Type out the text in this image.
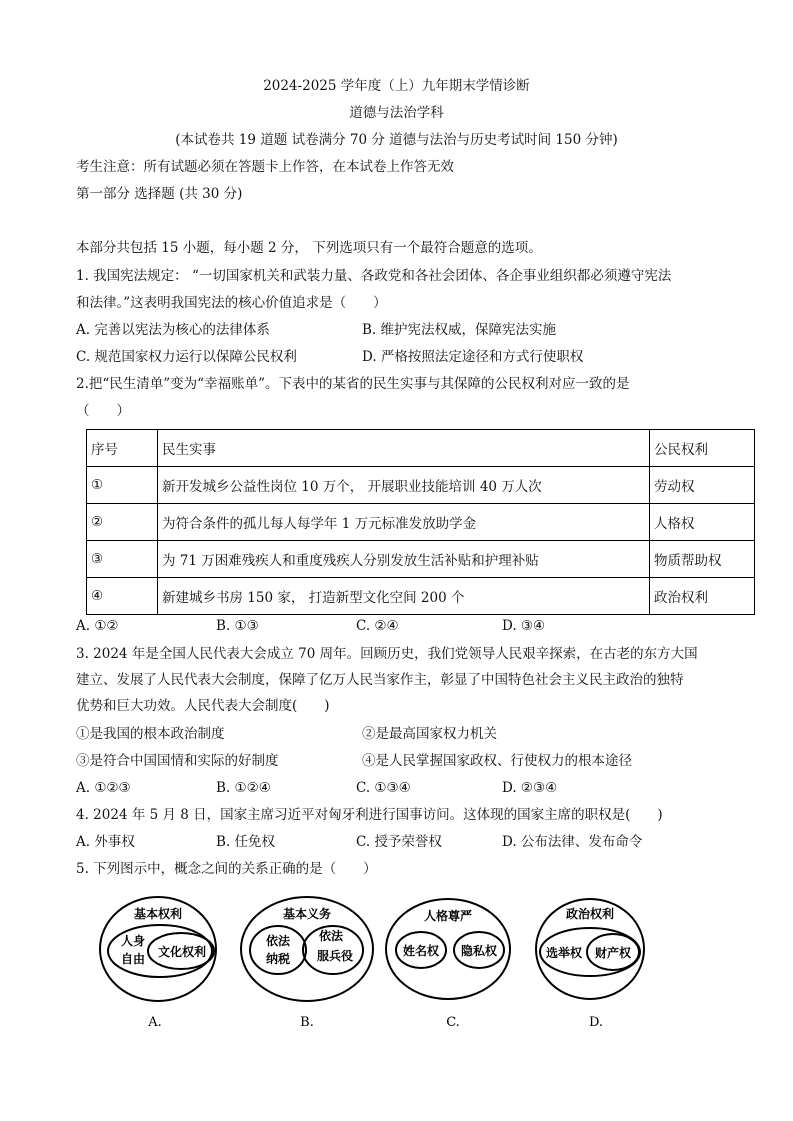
2024-2025 学年度（上）九年期末学情诊断
道德与法治学科
(本试卷共 19 道题 试卷满分 70 分 道德与法治与历史考试时间 150 分钟)
考生注意：所有试题必须在答题卡上作答，在本试卷上作答无效
第一部分 选择题 (共 30 分)
本部分共包括 15 小题，每小题 2 分， 下列选项只有一个最符合题意的选项。
1. 我国宪法规定： “一切国家机关和武装力量、各政党和各社会团体、各企事业组织都必须遵守宪法
和法律。”这表明我国宪法的核心价值追求是（　　）
A. 完善以宪法为核心的法律体系	B. 维护宪法权威，保障宪法实施
C. 规范国家权力运行以保障公民权利	D. 严格按照法定途径和方式行使职权
2.把“民生清单”变为“幸福账单”。下表中的某省的民生实事与其保障的公民权利对应一致的是
（　　）
序号	民生实事	公民权利
①	新开发城乡公益性岗位 10 万个， 开展职业技能培训 40 万人次	劳动权
②	为符合条件的孤儿每人每学年 1 万元标准发放助学金	人格权
③	为 71 万困难残疾人和重度残疾人分别发放生活补贴和护理补贴	物质帮助权
④	新建城乡书房 150 家， 打造新型文化空间 200 个	政治权利
A. ①②	B. ①③	C. ②④	D. ③④
3. 2024 年是全国人民代表大会成立 70 周年。回顾历史，我们党领导人民艰辛探索，在古老的东方大国
建立、发展了人民代表大会制度，保障了亿万人民当家作主，彰显了中国特色社会主义民主政治的独特
优势和巨大功效。人民代表大会制度(　　)
①是我国的根本政治制度	②是最高国家权力机关
③是符合中国国情和实际的好制度	④是人民掌握国家政权、行使权力的根本途径
A. ①②③	B. ①②④	C. ①③④	D. ②③④
4. 2024 年 5 月 8 日，国家主席习近平对匈牙利进行国事访问。这体现的国家主席的职权是(　　)
A. 外事权	B. 任免权	C. 授予荣誉权	D. 公布法律、发布命令
5. 下列图示中，概念之间的关系正确的是（　　）
基本权利
人身
自由 文化权利
A.
基本义务
依法
纳税
依法
服兵役
B.
人格尊严
姓名权 隐私权
C.
政治权利
选举权 财产权
D.
